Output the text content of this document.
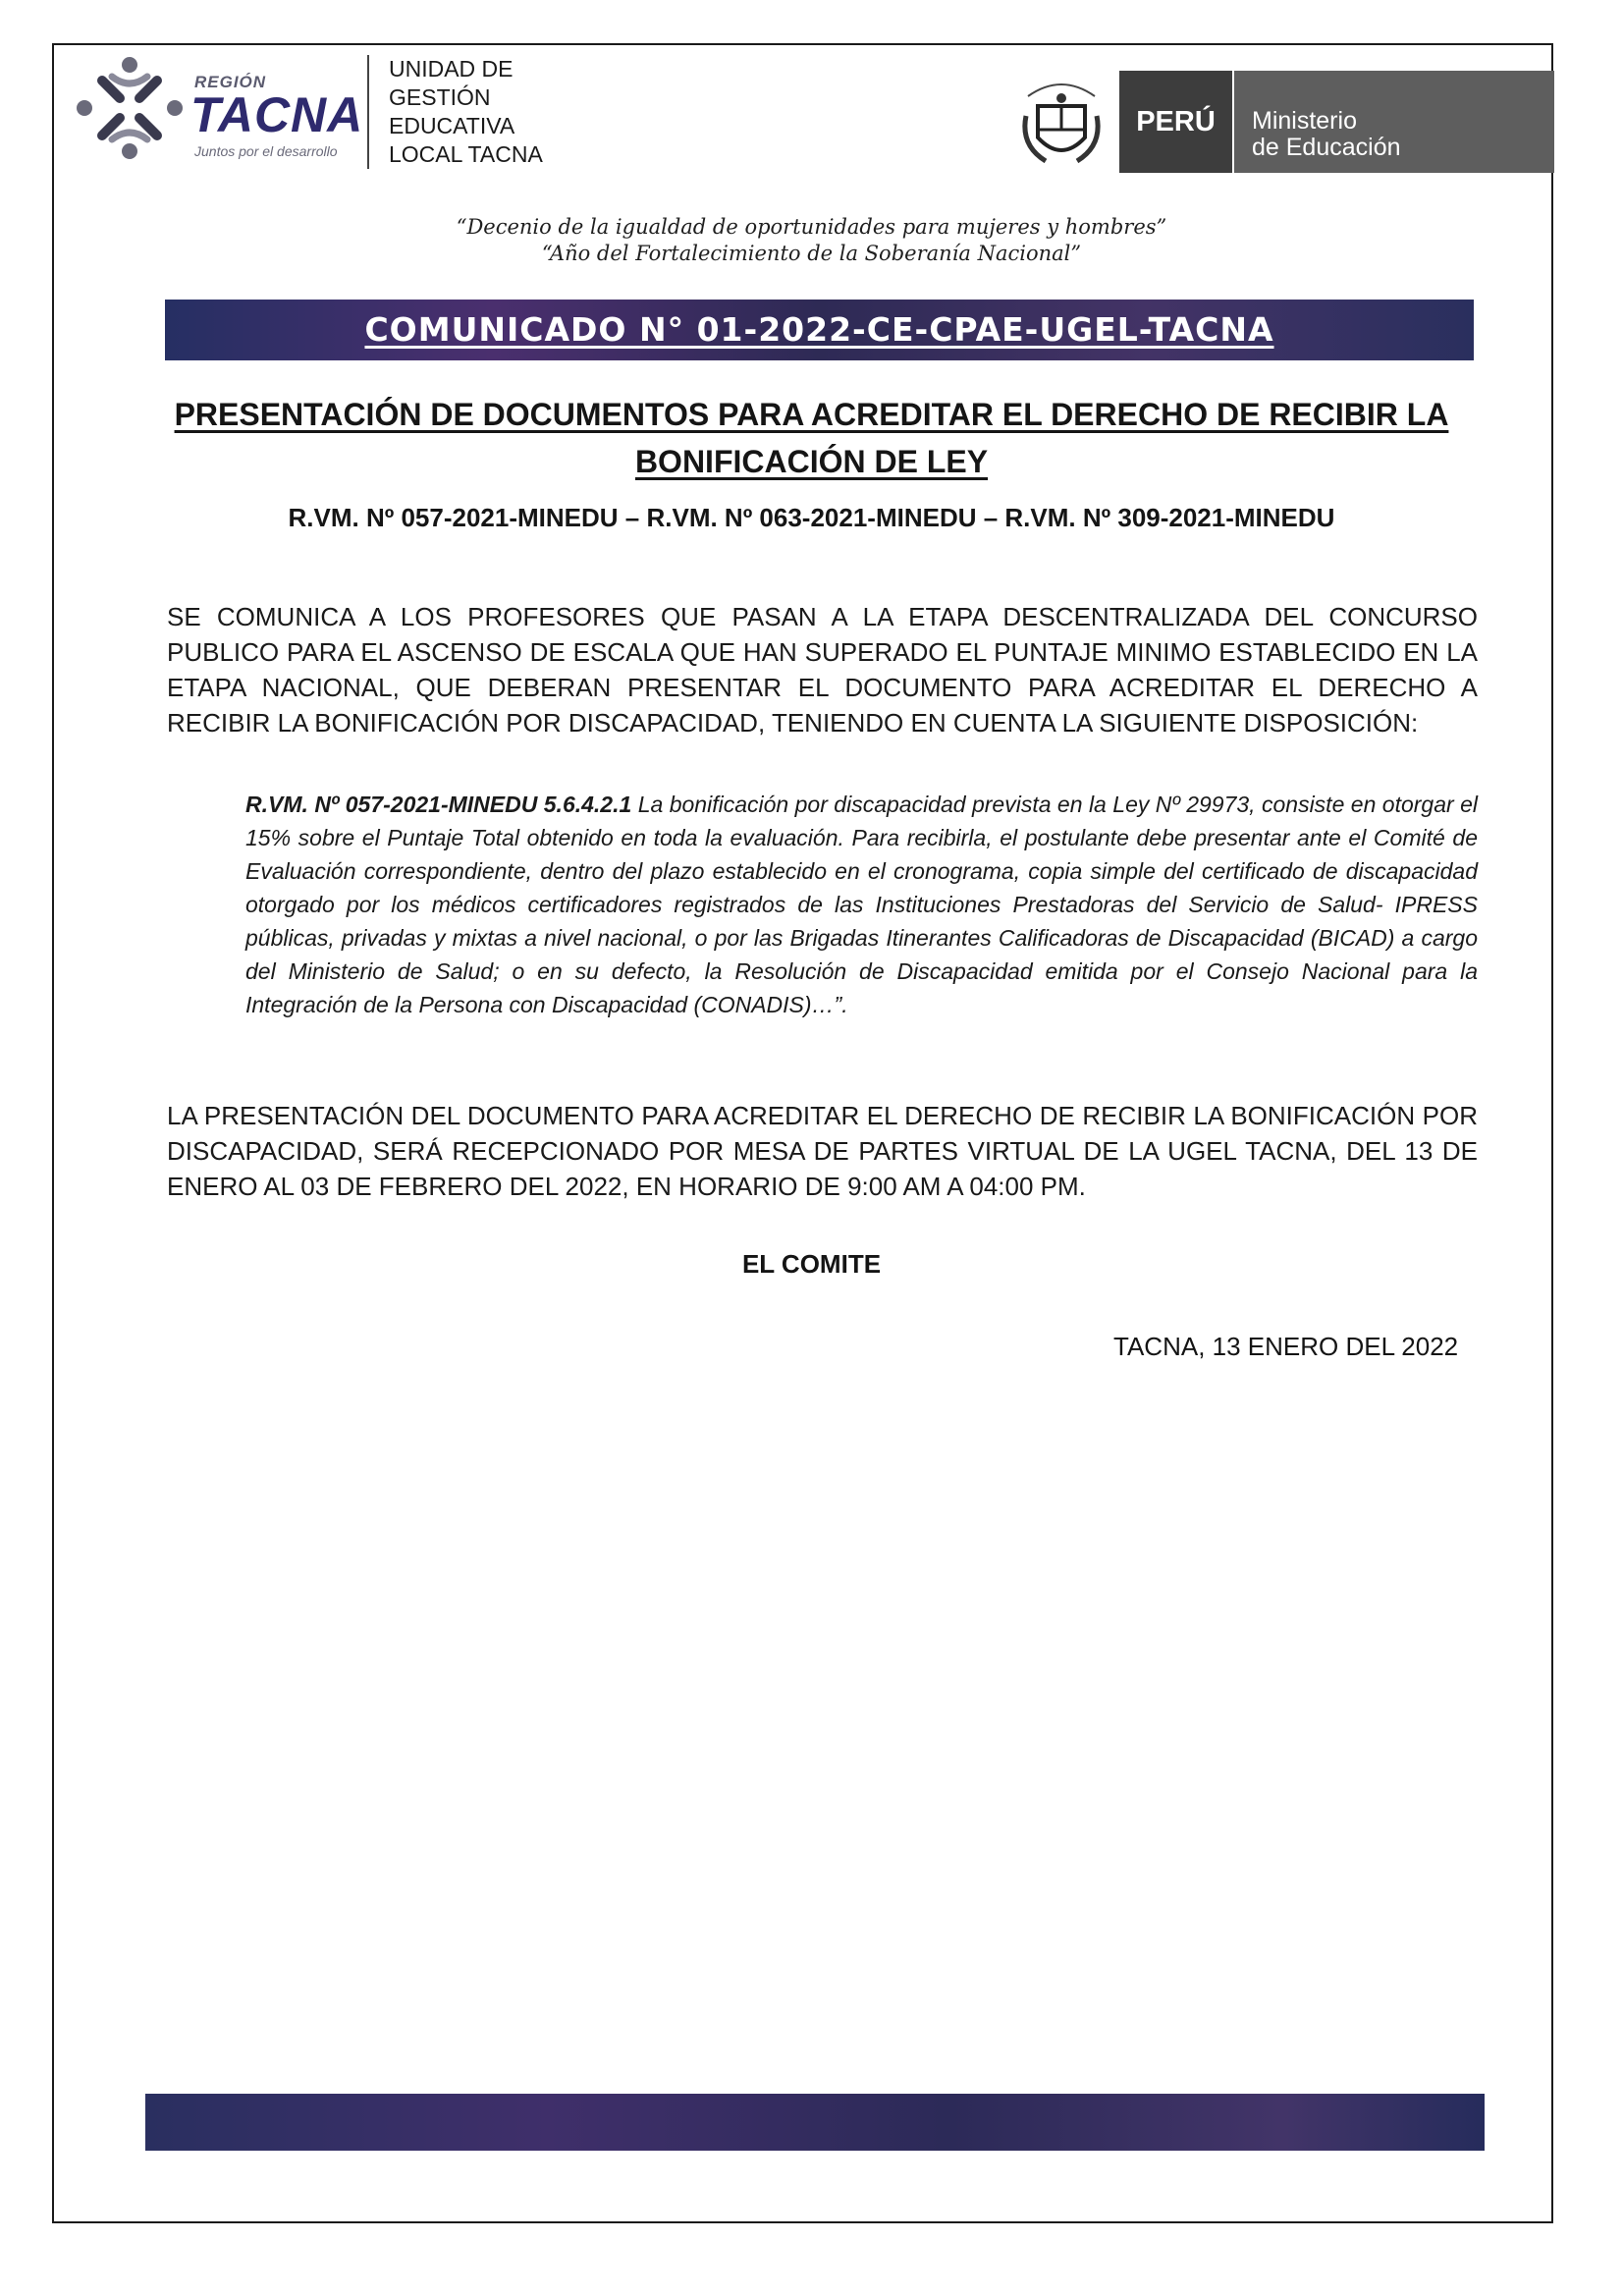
REGIÓN
TACNA
Juntos por el desarrollo
UNIDAD DE
GESTIÓN
EDUCATIVA
LOCAL TACNA
PERÚ	Ministerio
de Educación
“Decenio de la igualdad de oportunidades para mujeres y hombres”
“Año del Fortalecimiento de la Soberanía Nacional”
COMUNICADO N° 01-2022-CE-CPAE-UGEL-TACNA
PRESENTACIÓN DE DOCUMENTOS PARA ACREDITAR EL DERECHO DE RECIBIR LA
BONIFICACIÓN DE LEY
R.VM. Nº 057-2021-MINEDU – R.VM. Nº 063-2021-MINEDU – R.VM. Nº 309-2021-MINEDU
SE COMUNICA A LOS PROFESORES QUE PASAN A LA ETAPA DESCENTRALIZADA DEL CONCURSO PUBLICO PARA EL ASCENSO DE ESCALA QUE HAN SUPERADO EL PUNTAJE MINIMO ESTABLECIDO EN LA ETAPA NACIONAL, QUE DEBERAN PRESENTAR EL DOCUMENTO PARA ACREDITAR EL DERECHO A RECIBIR LA BONIFICACIÓN POR DISCAPACIDAD, TENIENDO EN CUENTA LA SIGUIENTE DISPOSICIÓN:
R.VM. Nº 057-2021-MINEDU 5.6.4.2.1 La bonificación por discapacidad prevista en la Ley Nº 29973, consiste en otorgar el 15% sobre el Puntaje Total obtenido en toda la evaluación. Para recibirla, el postulante debe presentar ante el Comité de Evaluación correspondiente, dentro del plazo establecido en el cronograma, copia simple del certificado de discapacidad otorgado por los médicos certificadores registrados de las Instituciones Prestadoras del Servicio de Salud- IPRESS públicas, privadas y mixtas a nivel nacional, o por las Brigadas Itinerantes Calificadoras de Discapacidad (BICAD) a cargo del Ministerio de Salud; o en su defecto, la Resolución de Discapacidad emitida por el Consejo Nacional para la Integración de la Persona con Discapacidad (CONADIS)…”.
LA PRESENTACIÓN DEL DOCUMENTO PARA ACREDITAR EL DERECHO DE RECIBIR LA BONIFICACIÓN POR DISCAPACIDAD, SERÁ RECEPCIONADO POR MESA DE PARTES VIRTUAL DE LA UGEL TACNA, DEL 13 DE ENERO AL 03 DE FEBRERO DEL 2022, EN HORARIO DE 9:00 AM A 04:00 PM.
EL COMITE
TACNA, 13 ENERO DEL 2022
